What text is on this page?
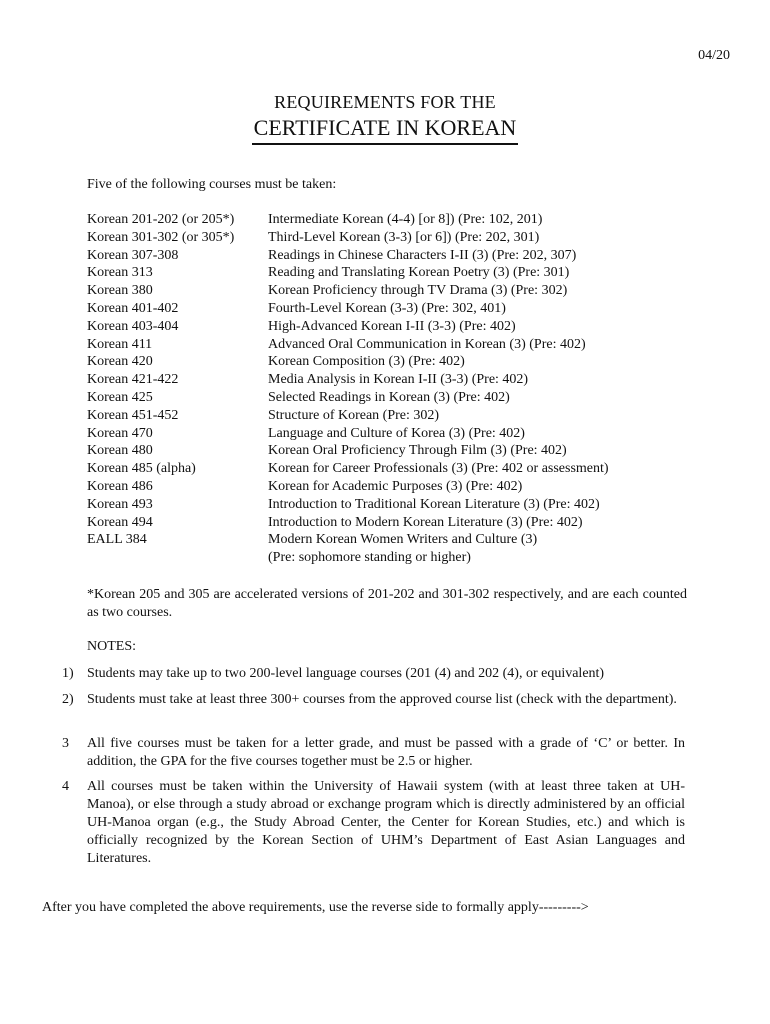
04/20
REQUIREMENTS FOR THE
CERTIFICATE IN KOREAN
Five of the following courses must be taken:
Korean 201-202 (or 205*)	Intermediate Korean (4-4) [or 8]) (Pre: 102, 201)
Korean 301-302 (or 305*)	Third-Level Korean (3-3) [or 6]) (Pre: 202, 301)
Korean 307-308	Readings in Chinese Characters I-II (3) (Pre: 202, 307)
Korean 313	Reading and Translating Korean Poetry (3) (Pre: 301)
Korean 380	Korean Proficiency through TV Drama (3) (Pre: 302)
Korean 401-402	Fourth-Level Korean (3-3) (Pre: 302, 401)
Korean 403-404	High-Advanced Korean I-II (3-3) (Pre: 402)
Korean 411	Advanced Oral Communication in Korean (3) (Pre: 402)
Korean 420	Korean Composition (3) (Pre: 402)
Korean 421-422	Media Analysis in Korean I-II (3-3) (Pre: 402)
Korean 425	Selected Readings in Korean (3) (Pre: 402)
Korean 451-452	Structure of Korean (Pre: 302)
Korean 470	Language and Culture of Korea (3) (Pre: 402)
Korean 480	Korean Oral Proficiency Through Film (3) (Pre: 402)
Korean 485 (alpha)	Korean for Career Professionals (3) (Pre: 402 or assessment)
Korean 486	Korean for Academic Purposes (3) (Pre: 402)
Korean 493	Introduction to Traditional Korean Literature (3) (Pre: 402)
Korean 494	Introduction to Modern Korean Literature (3) (Pre: 402)
EALL 384	Modern Korean Women Writers and Culture (3)
(Pre: sophomore standing or higher)
*Korean 205 and 305 are accelerated versions of 201-202 and 301-302 respectively, and are each counted as two courses.
NOTES:
1) Students may take up to two 200-level language courses (201 (4) and 202 (4), or equivalent)
2) Students must take at least three 300+ courses from the approved course list (check with the department).
3 All five courses must be taken for a letter grade, and must be passed with a grade of ‘C’ or better. In addition, the GPA for the five courses together must be 2.5 or higher.
4 All courses must be taken within the University of Hawaii system (with at least three taken at UH-Manoa), or else through a study abroad or exchange program which is directly administered by an official UH-Manoa organ (e.g., the Study Abroad Center, the Center for Korean Studies, etc.) and which is officially recognized by the Korean Section of UHM’s Department of East Asian Languages and Literatures.
After you have completed the above requirements, use the reverse side to formally apply--------->
